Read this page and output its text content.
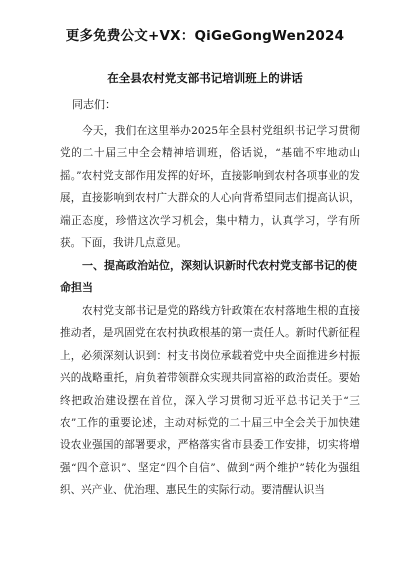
更多免费公文+VX：QiGeGongWen2024
在全县农村党支部书记培训班上的讲话
同志们：
今天，我们在这里举办2025年全县村党组织书记学习贯彻党的二十届三中全会精神培训班，俗话说，“基础不牢地动山摇。”农村党支部作用发挥的好坏，直接影响到农村各项事业的发展，直接影响到农村广大群众的人心向背希望同志们提高认识，端正态度，珍惜这次学习机会，集中精力，认真学习，学有所获。下面，我讲几点意见。
一、提高政治站位，深刻认识新时代农村党支部书记的使命担当
农村党支部书记是党的路线方针政策在农村落地生根的直接推动者，是巩固党在农村执政根基的第一责任人。新时代新征程上，必须深刻认识到：村支书岗位承载着党中央全面推进乡村振兴的战略重托，肩负着带领群众实现共同富裕的政治责任。要始终把政治建设摆在首位，深入学习贯彻习近平总书记关于“三农”工作的重要论述，主动对标党的二十届三中全会关于加快建设农业强国的部署要求，严格落实省市县委工作安排，切实将增强“四个意识”、坚定“四个自信”、做到“两个维护”转化为强组织、兴产业、优治理、惠民生的实际行动。要清醒认识当
